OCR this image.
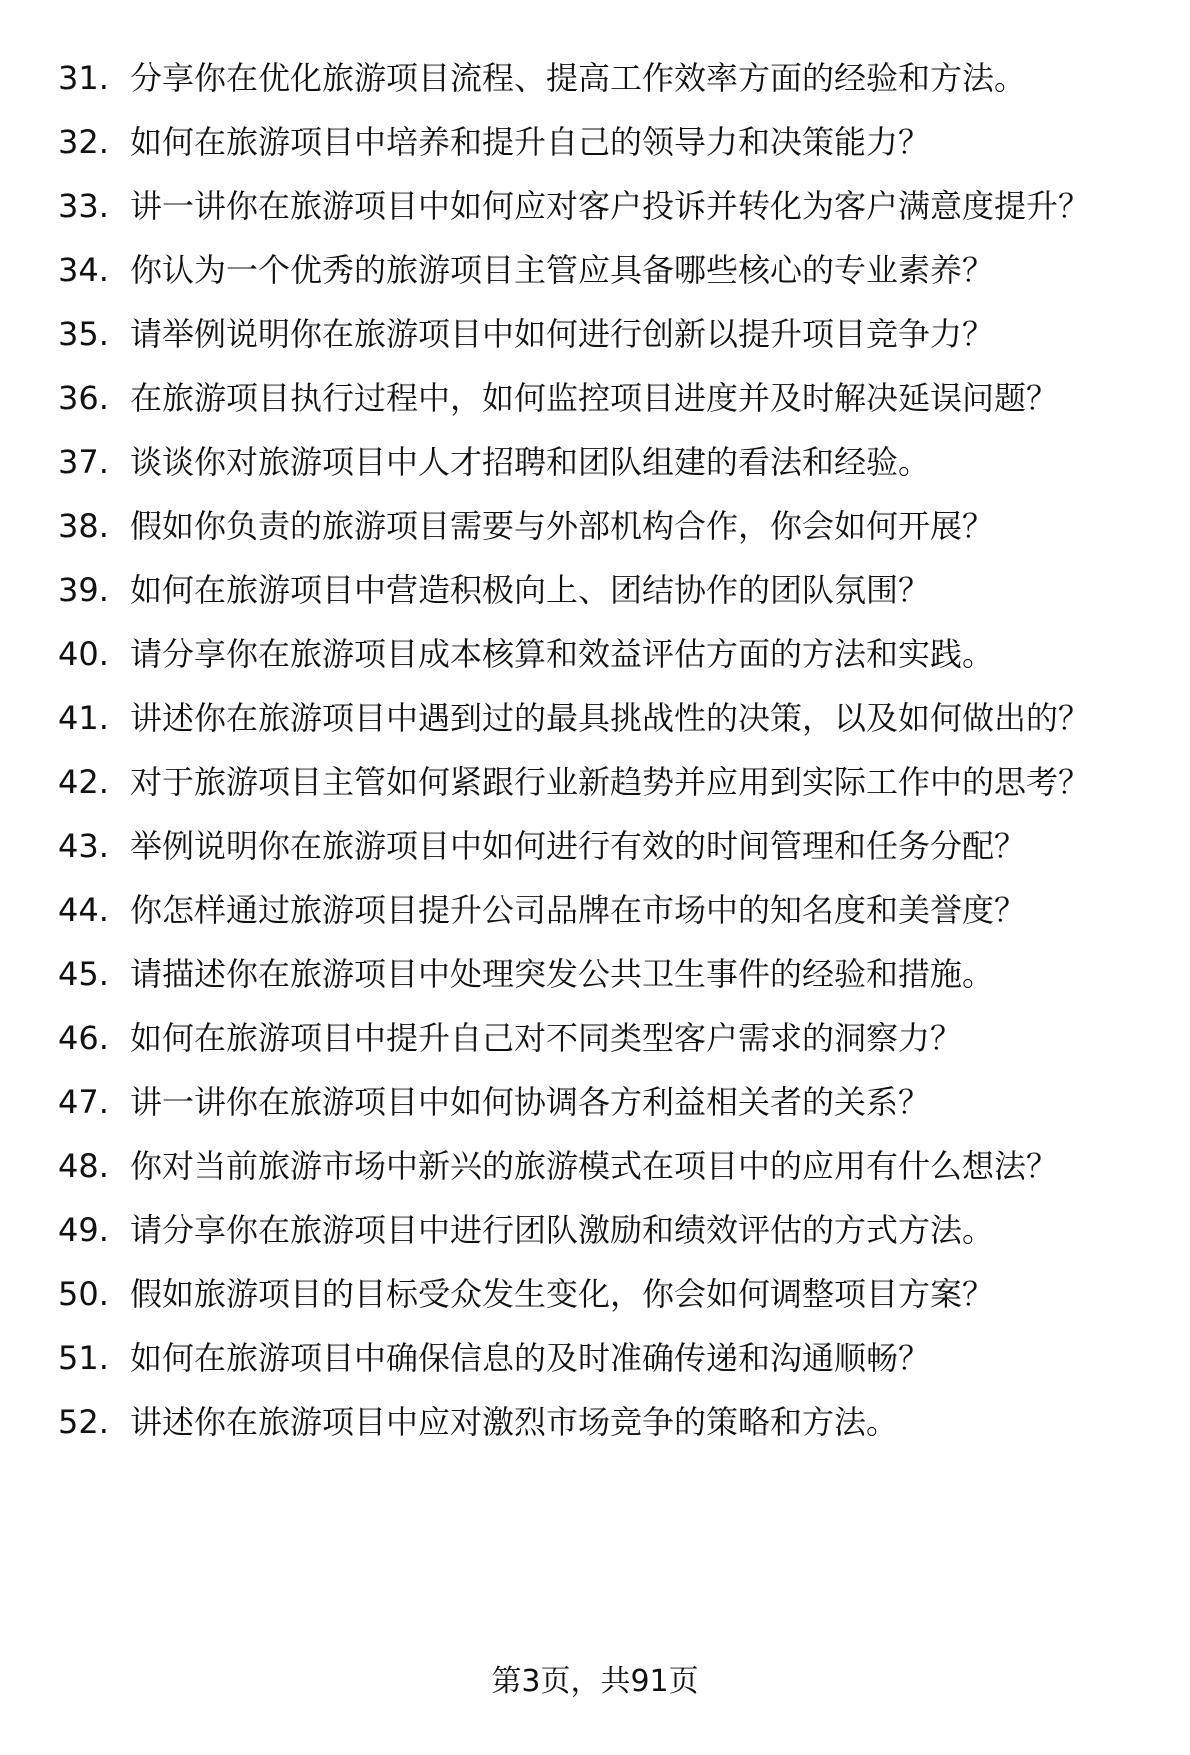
31. 分享你在优化旅游项目流程、提高工作效率方面的经验和方法。
32. 如何在旅游项目中培养和提升自己的领导力和决策能力？
33. 讲一讲你在旅游项目中如何应对客户投诉并转化为客户满意度提升？
34. 你认为一个优秀的旅游项目主管应具备哪些核心的专业素养？
35. 请举例说明你在旅游项目中如何进行创新以提升项目竞争力？
36. 在旅游项目执行过程中，如何监控项目进度并及时解决延误问题？
37. 谈谈你对旅游项目中人才招聘和团队组建的看法和经验。
38. 假如你负责的旅游项目需要与外部机构合作，你会如何开展？
39. 如何在旅游项目中营造积极向上、团结协作的团队氛围？
40. 请分享你在旅游项目成本核算和效益评估方面的方法和实践。
41. 讲述你在旅游项目中遇到过的最具挑战性的决策，以及如何做出的？
42. 对于旅游项目主管如何紧跟行业新趋势并应用到实际工作中的思考？
43. 举例说明你在旅游项目中如何进行有效的时间管理和任务分配？
44. 你怎样通过旅游项目提升公司品牌在市场中的知名度和美誉度？
45. 请描述你在旅游项目中处理突发公共卫生事件的经验和措施。
46. 如何在旅游项目中提升自己对不同类型客户需求的洞察力？
47. 讲一讲你在旅游项目中如何协调各方利益相关者的关系？
48. 你对当前旅游市场中新兴的旅游模式在项目中的应用有什么想法？
49. 请分享你在旅游项目中进行团队激励和绩效评估的方式方法。
50. 假如旅游项目的目标受众发生变化，你会如何调整项目方案？
51. 如何在旅游项目中确保信息的及时准确传递和沟通顺畅？
52. 讲述你在旅游项目中应对激烈市场竞争的策略和方法。
第3页，共91页
